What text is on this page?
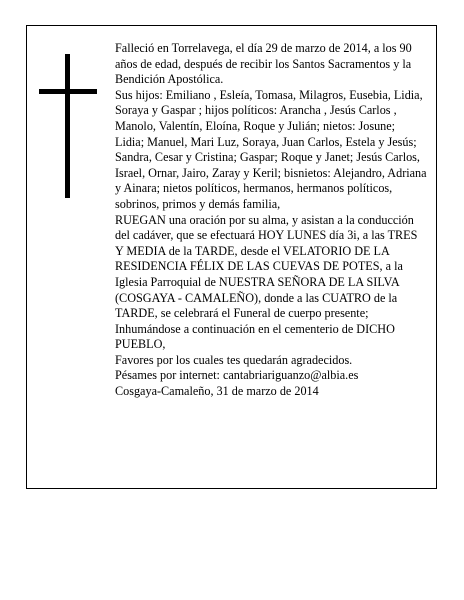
Falleció en Torrelavega, el día 29 de marzo de 2014, a los 90 años de edad, después de recibir los Santos Sacramentos y la Bendición Apostólica.

Sus hijos: Emiliano , Esleía, Tomasa, Milagros, Eusebia, Lidia, Soraya y Gaspar ; hijos políticos: Arancha , Jesús Carlos , Manolo, Valentín, Eloína, Roque y Julián; nietos: Josune; Lidia; Manuel, Mari Luz, Soraya, Juan Carlos, Estela y Jesús; Sandra, Cesar y Cristina; Gaspar; Roque y Janet; Jesús Carlos, Israel, Ornar, Jairo, Zaray y Keril; bisnietos: Alejandro, Adriana y Ainara; nietos políticos, hermanos, hermanos políticos, sobrinos, primos y demás familia,

RUEGAN una oración por su alma, y asistan a la conducción del cadáver, que se efectuará HOY LUNES día 3i, a las TRES Y MEDIA de la TARDE, desde el VELATORIO DE LA RESIDENCIA FÉLIX DE LAS CUEVAS DE POTES, a la Iglesia Parroquial de NUESTRA SEÑORA DE LA SILVA (COSGAYA - CAMALEÑO), donde a las CUATRO de la TARDE, se celebrará el Funeral de cuerpo presente; Inhumándose a continuación en el cementerio de DICHO PUEBLO,

Favores por los cuales tes quedarán agradecidos.

Pésames por internet: cantabriariguanzo@albia.es

Cosgaya-Camaleño, 31 de marzo de 2014
